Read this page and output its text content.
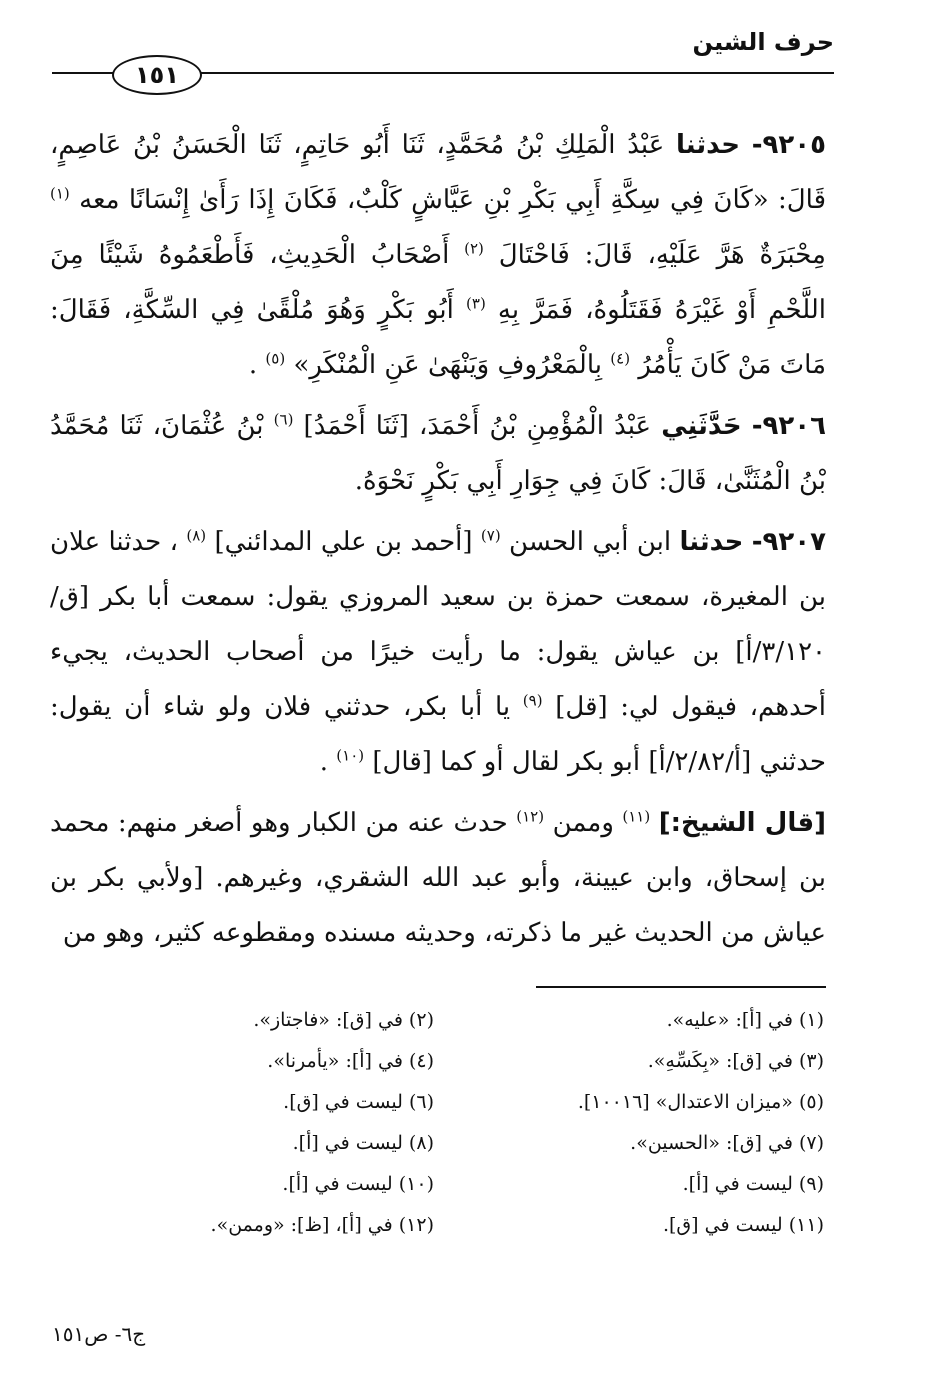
حرف الشين
١٥١

٩٢٠٥- حدثنا عَبْدُ الْمَلِكِ بْنُ مُحَمَّدٍ، ثَنَا أَبُو حَاتِمٍ، ثَنَا الْحَسَنُ بْنُ عَاصِمٍ، قَالَ: «كَانَ فِي سِكَّةِ أَبِي بَكْرِ بْنِ عَيَّاشٍ كَلْبٌ، فَكَانَ إِذَا رَأَىٰ إِنْسَانًا معه $^{(١)}$ مِحْبَرَةٌ هَرَّ عَلَيْهِ، قَالَ: فَاحْتَالَ $^{(٢)}$ أَصْحَابُ الْحَدِيثِ، فَأَطْعَمُوهُ شَيْئًا مِنَ اللَّحْمِ أَوْ غَيْرَهُ فَقَتَلُوهُ، فَمَرَّ بِهِ $^{(٣)}$ أَبُو بَكْرٍ وَهُوَ مُلْقًىٰ فِي السِّكَّةِ، فَقَالَ: مَاتَ مَنْ كَانَ يَأْمُرُ $^{(٤)}$ بِالْمَعْرُوفِ وَيَنْهَىٰ عَنِ الْمُنْكَرِ» $^{(٥)}$ .

٩٢٠٦- حَدَّثَنِي عَبْدُ الْمُؤْمِنِ بْنُ أَحْمَدَ، [ثَنَا أَحْمَدُ] $^{(٦)}$ بْنُ عُثْمَانَ، ثَنَا مُحَمَّدُ بْنُ الْمُثَنَّىٰ، قَالَ: كَانَ فِي جِوَارِ أَبِي بَكْرٍ نَحْوَهُ.

٩٢٠٧- حدثنا ابن أبي الحسن $^{(٧)}$ [أحمد بن علي المدائني] $^{(٨)}$ ، حدثنا علان بن المغيرة، سمعت حمزة بن سعيد المروزي يقول: سمعت أبا بكر [ق/٣/١٢٠/أ] بن عياش يقول: ما رأيت خيرًا من أصحاب الحديث، يجيء أحدهم، فيقول لي: [قل] $^{(٩)}$ يا أبا بكر، حدثني فلان ولو شاء أن يقول: حدثني [أ/٢/٨٢/أ] أبو بكر لقال أو كما [قال] $^{(١٠)}$ .

[قال الشيخ:] $^{(١١)}$ وممن $^{(١٢)}$ حدث عنه من الكبار وهو أصغر منهم: محمد بن إسحاق، وابن عيينة، وأبو عبد الله الشقري، وغيرهم. [ولأبي بكر بن عياش من الحديث غير ما ذكرته، وحديثه مسنده ومقطوعه كثير، وهو من

(١) في [أ]: «عليه».
(٢) في [ق]: «فاجتاز».
(٣) في [ق]: «بِكَسِّهِ».
(٤) في [أ]: «يأمرنا».
(٥) «ميزان الاعتدال» [١٠٠١٦].
(٦) ليست في [ق].
(٧) في [ق]: «الحسين».
(٨) ليست في [أ].
(٩) ليست في [أ].
(١٠) ليست في [أ].
(١١) ليست في [ق].
(١٢) في [أ]، [ظ]: «وممن».
ج٦- ص١٥١
